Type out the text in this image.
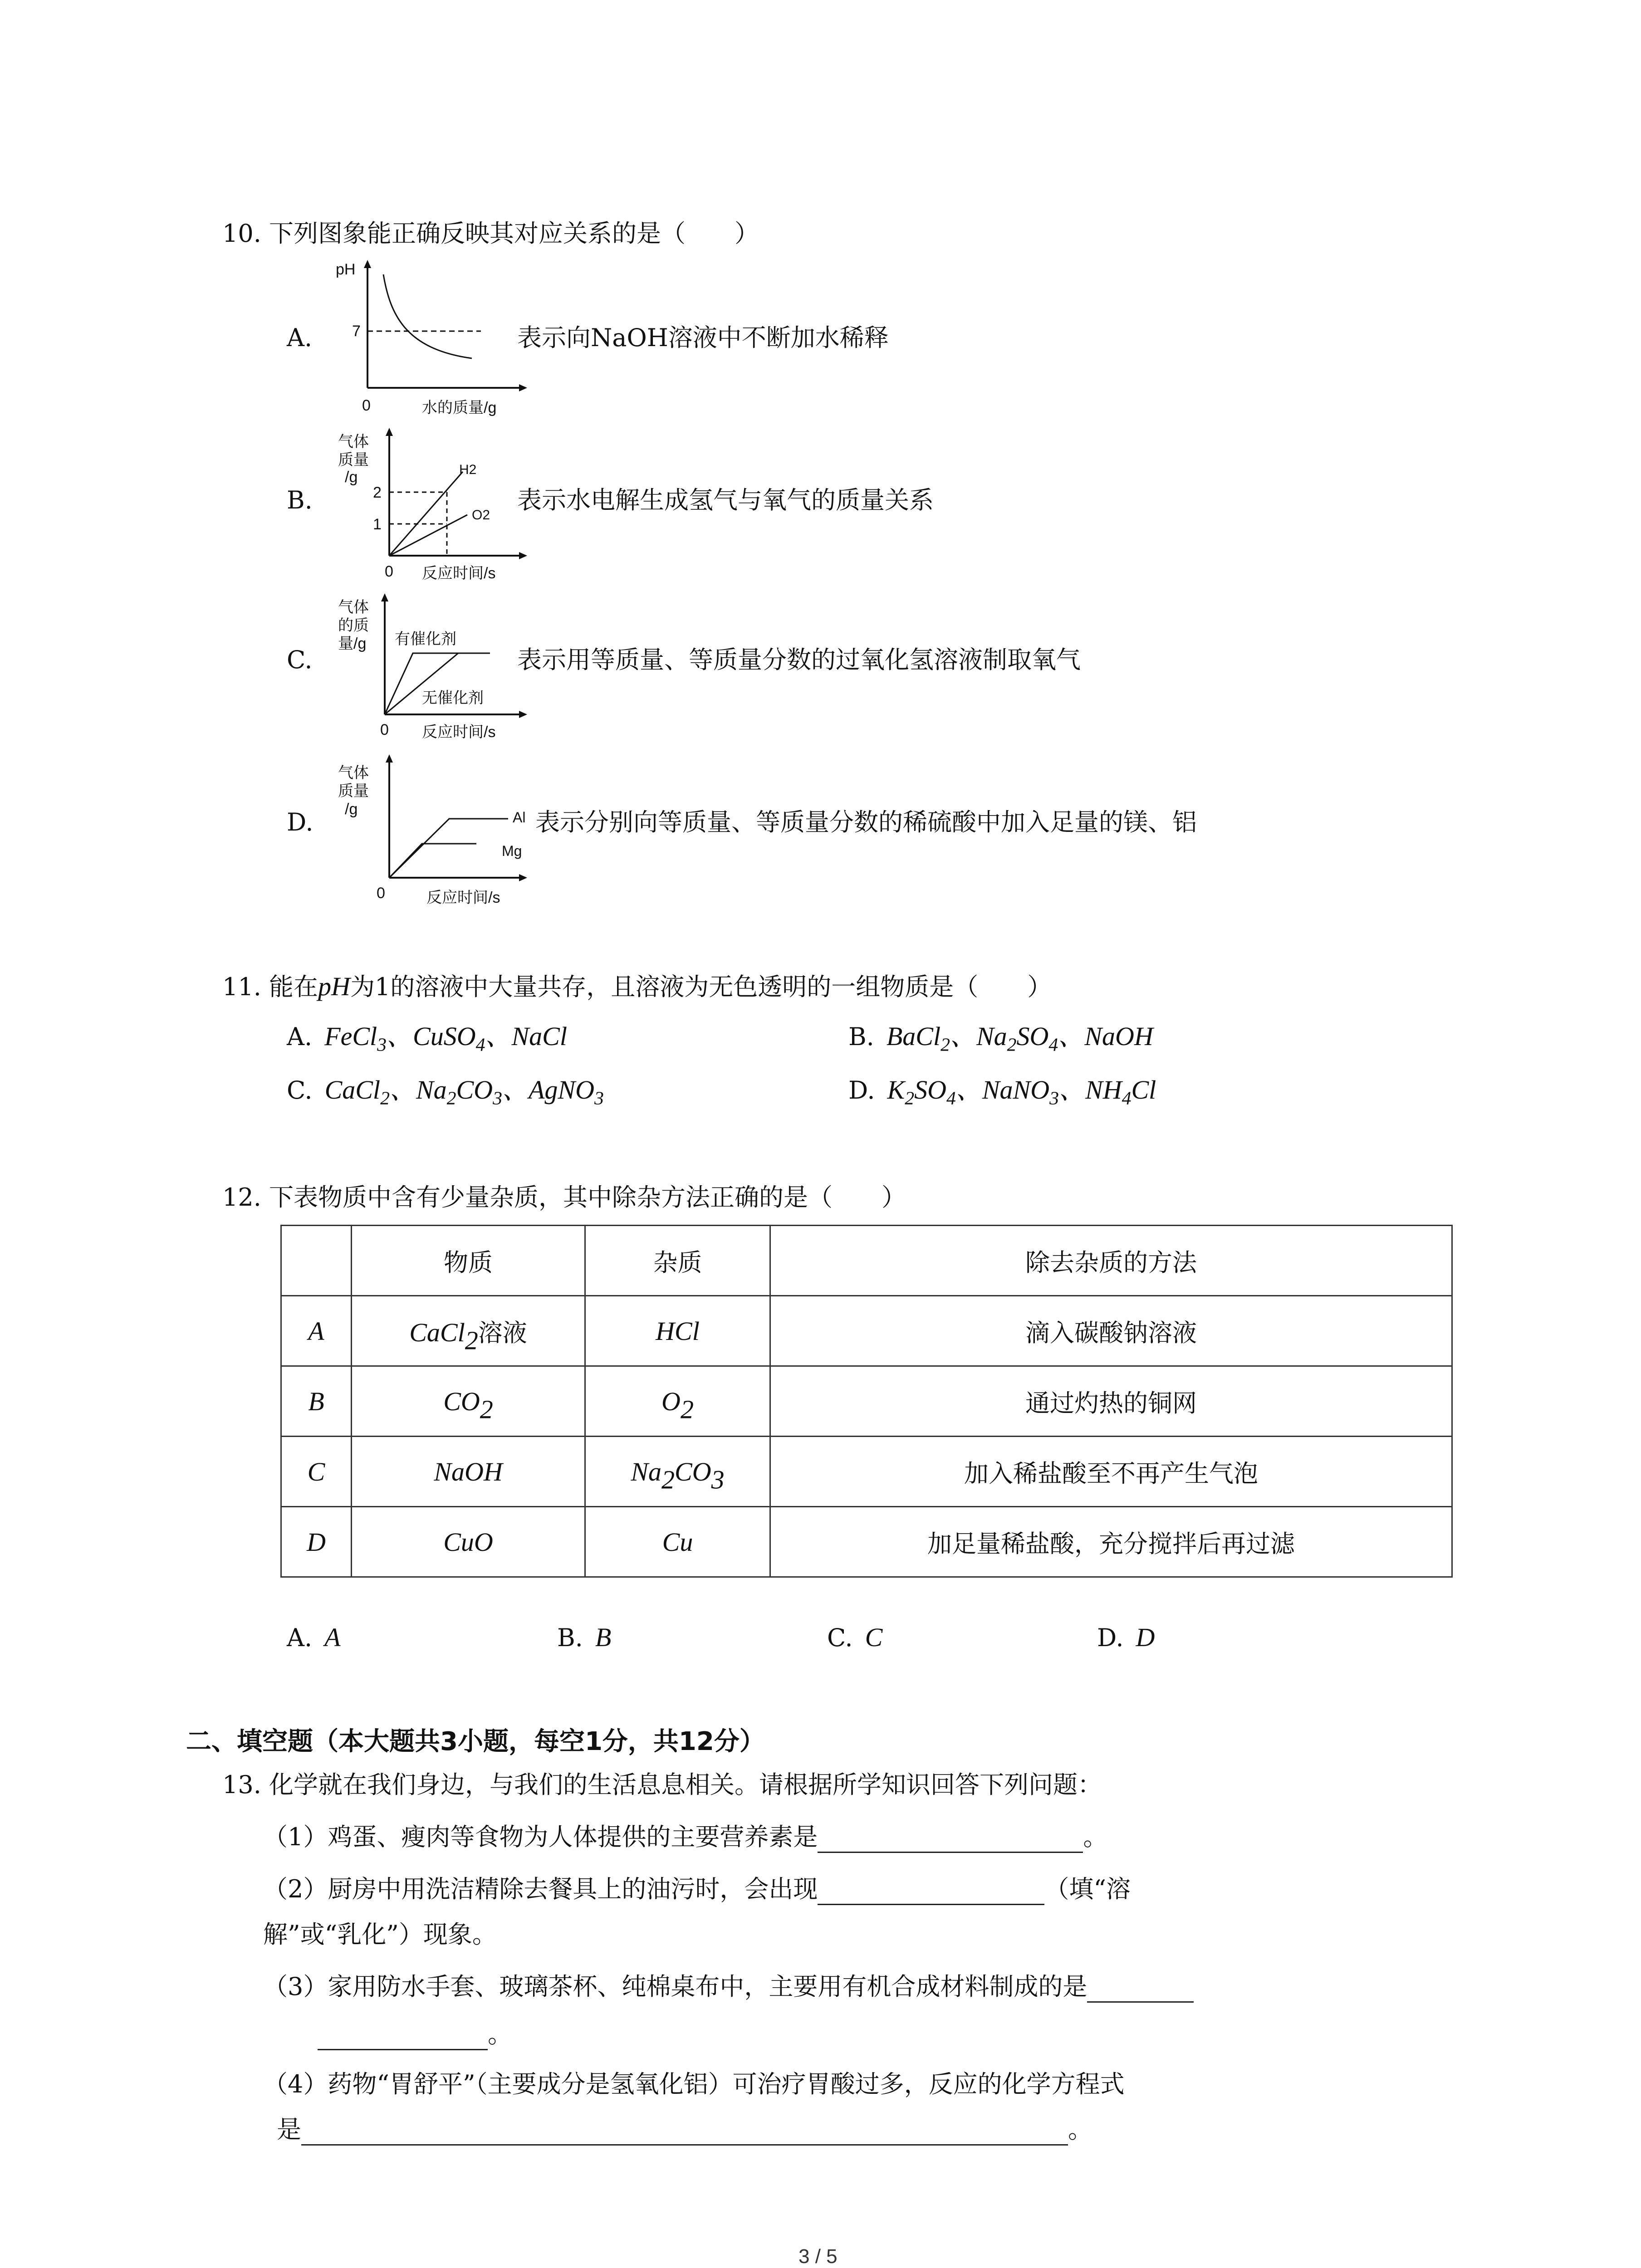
10. 下列图象能正确反映其对应关系的是（　　）
A.
pH
7
0	水的质量/g
表示向NaOH溶液中不断加水稀释
B.
气体
质量
/g
2
1
0 反应时间/s
H2
O2
表示水电解生成氢气与氧气的质量关系
C.
气体
的质
量/g
0 反应时间/s
有催化剂
无催化剂
表示用等质量、等质量分数的过氧化氢溶液制取氧气
D.
气体
质量
/g
0	反应时间/s
Al
Mg
表示分别向等质量、等质量分数的稀硫酸中加入足量的镁、铝
11. 能在pH为1的溶液中大量共存，且溶液为无色透明的一组物质是（　　）
A.  FeCl$_3$、CuSO$_4$、NaCl	B.  BaCl$_2$、$Na_2SO_4$、NaOH
C.  CaCl$_2$、$Na_2CO_3$、AgNO$_3$	D.  $K_2SO_4$、NaNO$_3$、$NH_4Cl$
12. 下表物质中含有少量杂质，其中除杂方法正确的是（　　）
	物质	杂质	除去杂质的方法
A	CaCl$_2$溶液	HCl	滴入碳酸钠溶液
B	$CO_2$	$O_2$	通过灼热的铜网
C	NaOH	$Na_2CO_3$	加入稀盐酸至不再产生气泡
D	CuO	Cu	加足量稀盐酸，充分搅拌后再过滤
A.  A	B.  B	C.  C	D.  D
二、填空题（本大题共3小题，每空1分，共12分）
13. 化学就在我们身边，与我们的生活息息相关。请根据所学知识回答下列问题：
（1）鸡蛋、瘦肉等食物为人体提供的主要营养素是	。
（2）厨房中用洗洁精除去餐具上的油污时，会出现	（填“溶
解”或“乳化”）现象。
（3）家用防水手套、玻璃茶杯、纯棉桌布中，主要用有机合成材料制成的是
。
（4）药物“胃舒平”（主要成分是氢氧化铝）可治疗胃酸过多，反应的化学方程式
是	。
3 / 5
